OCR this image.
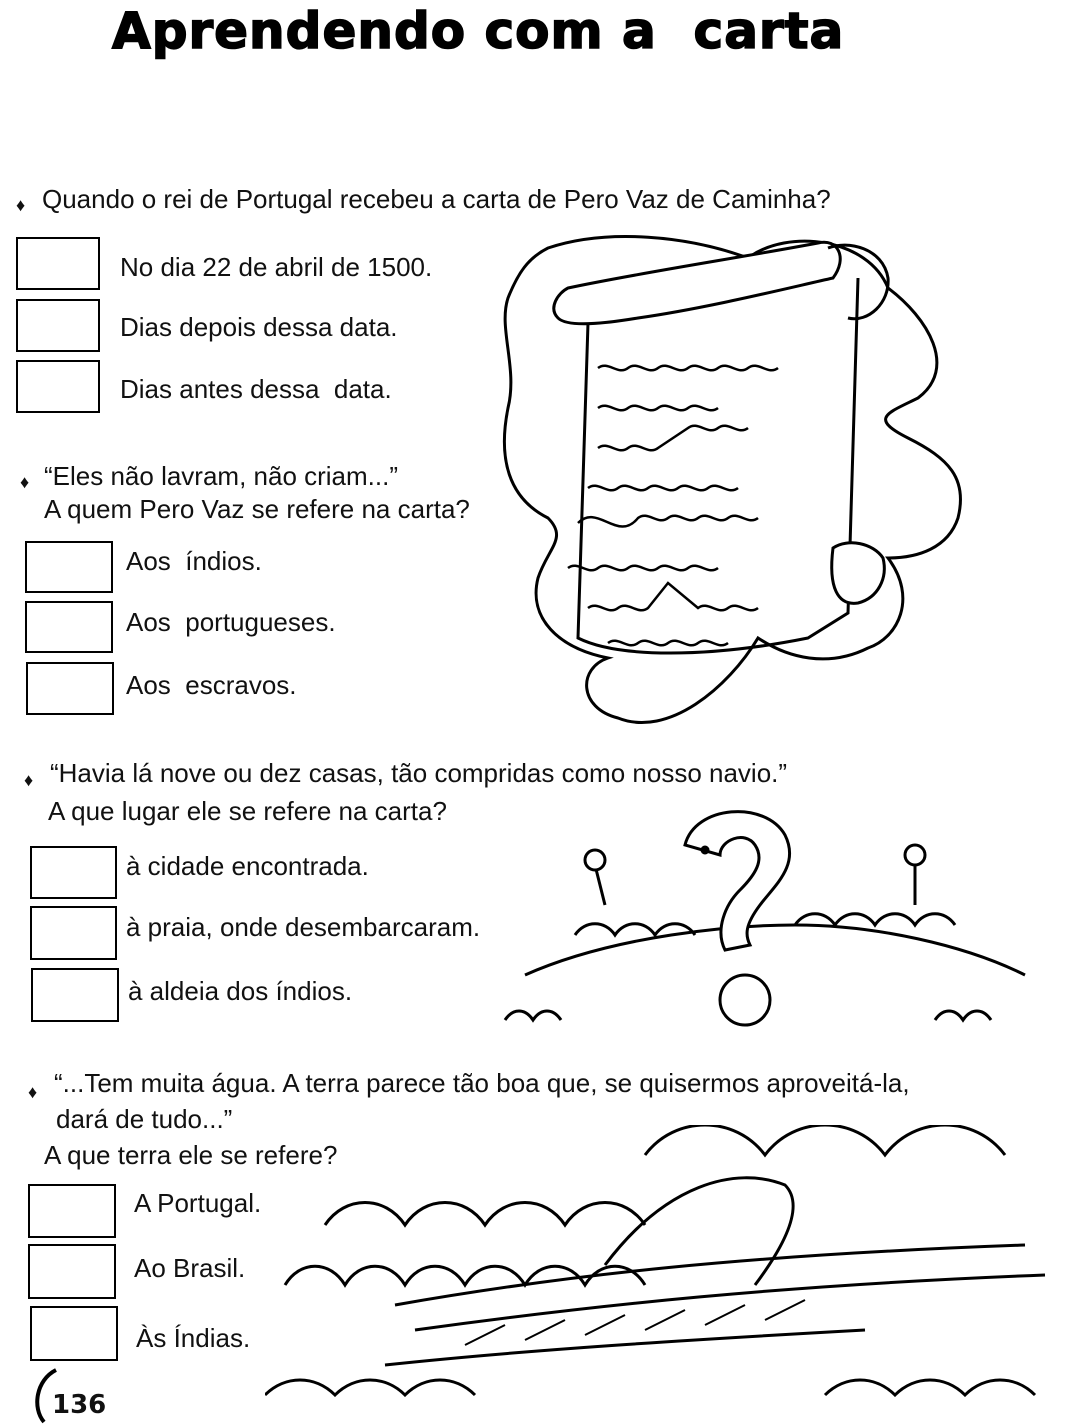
Aprendendo com a  carta
♦ Quando o rei de Portugal recebeu a carta de Pero Vaz de Caminha?
No dia 22 de abril de 1500.
Dias depois dessa data.
Dias antes dessa  data.
♦ “Eles não lavram, não criam...”
A quem Pero Vaz se refere na carta?
Aos  índios.
Aos  portugueses.
Aos  escravos.
♦ “Havia lá nove ou dez casas, tão compridas como nosso navio.”
A que lugar ele se refere na carta?
à cidade encontrada.
à praia, onde desembarcaram.
à aldeia dos índios.
♦ “...Tem muita água. A terra parece tão boa que, se quisermos aproveitá-la,
dará de tudo...”
A que terra ele se refere?
A Portugal.
Ao Brasil.
Às Índias.
136
